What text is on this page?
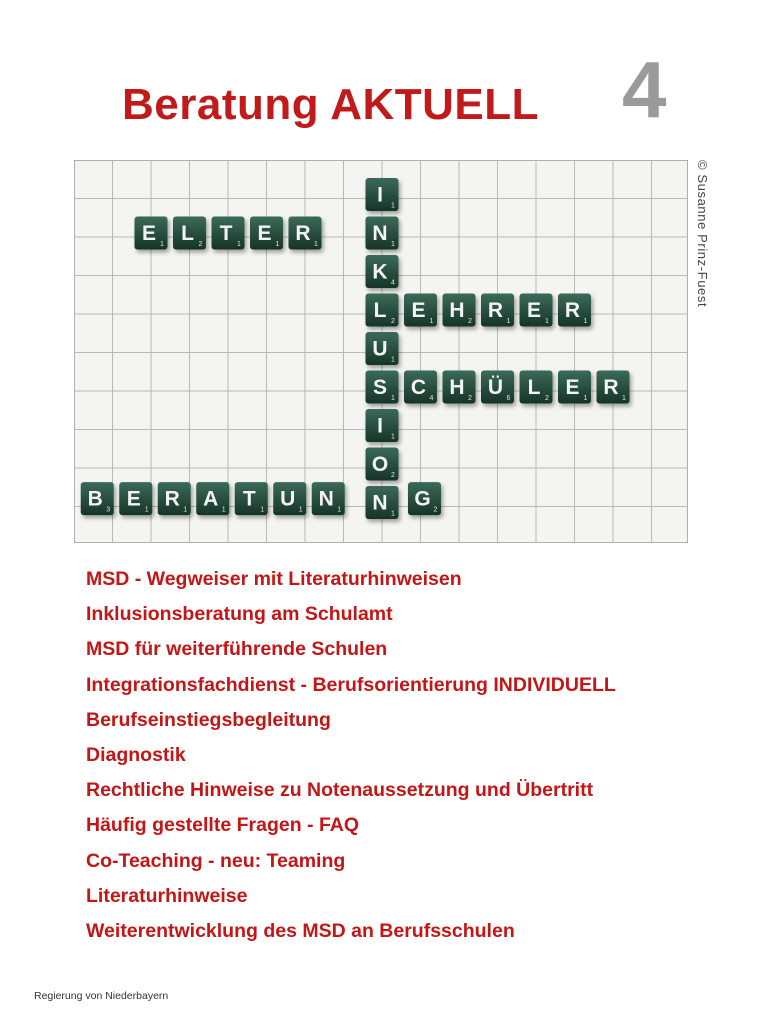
Beratung AKTUELL 4
© Susanne Prinz-Fuest
E 1 L 2 T 1 E 1 R 1
I 1
N 1
K 4
L 2
U 1
S 1
I 1
O 2
N 1
E 1 H 2 R 1 E 1 R 1
C 4 H 2 Ü 6 L 2 E 1 R 1
B 3 E 1 R 1 A 1 T 1 U 1 N 1	G 2
MSD - Wegweiser mit Literaturhinweisen
Inklusionsberatung am Schulamt
MSD für weiterführende Schulen
Integrationsfachdienst - Berufsorientierung INDIVIDUELL
Berufseinstiegsbegleitung
Diagnostik
Rechtliche Hinweise zu Notenaussetzung und Übertritt
Häufig gestellte Fragen - FAQ
Co-Teaching - neu: Teaming
Literaturhinweise
Weiterentwicklung des MSD an Berufsschulen
Regierung von Niederbayern
